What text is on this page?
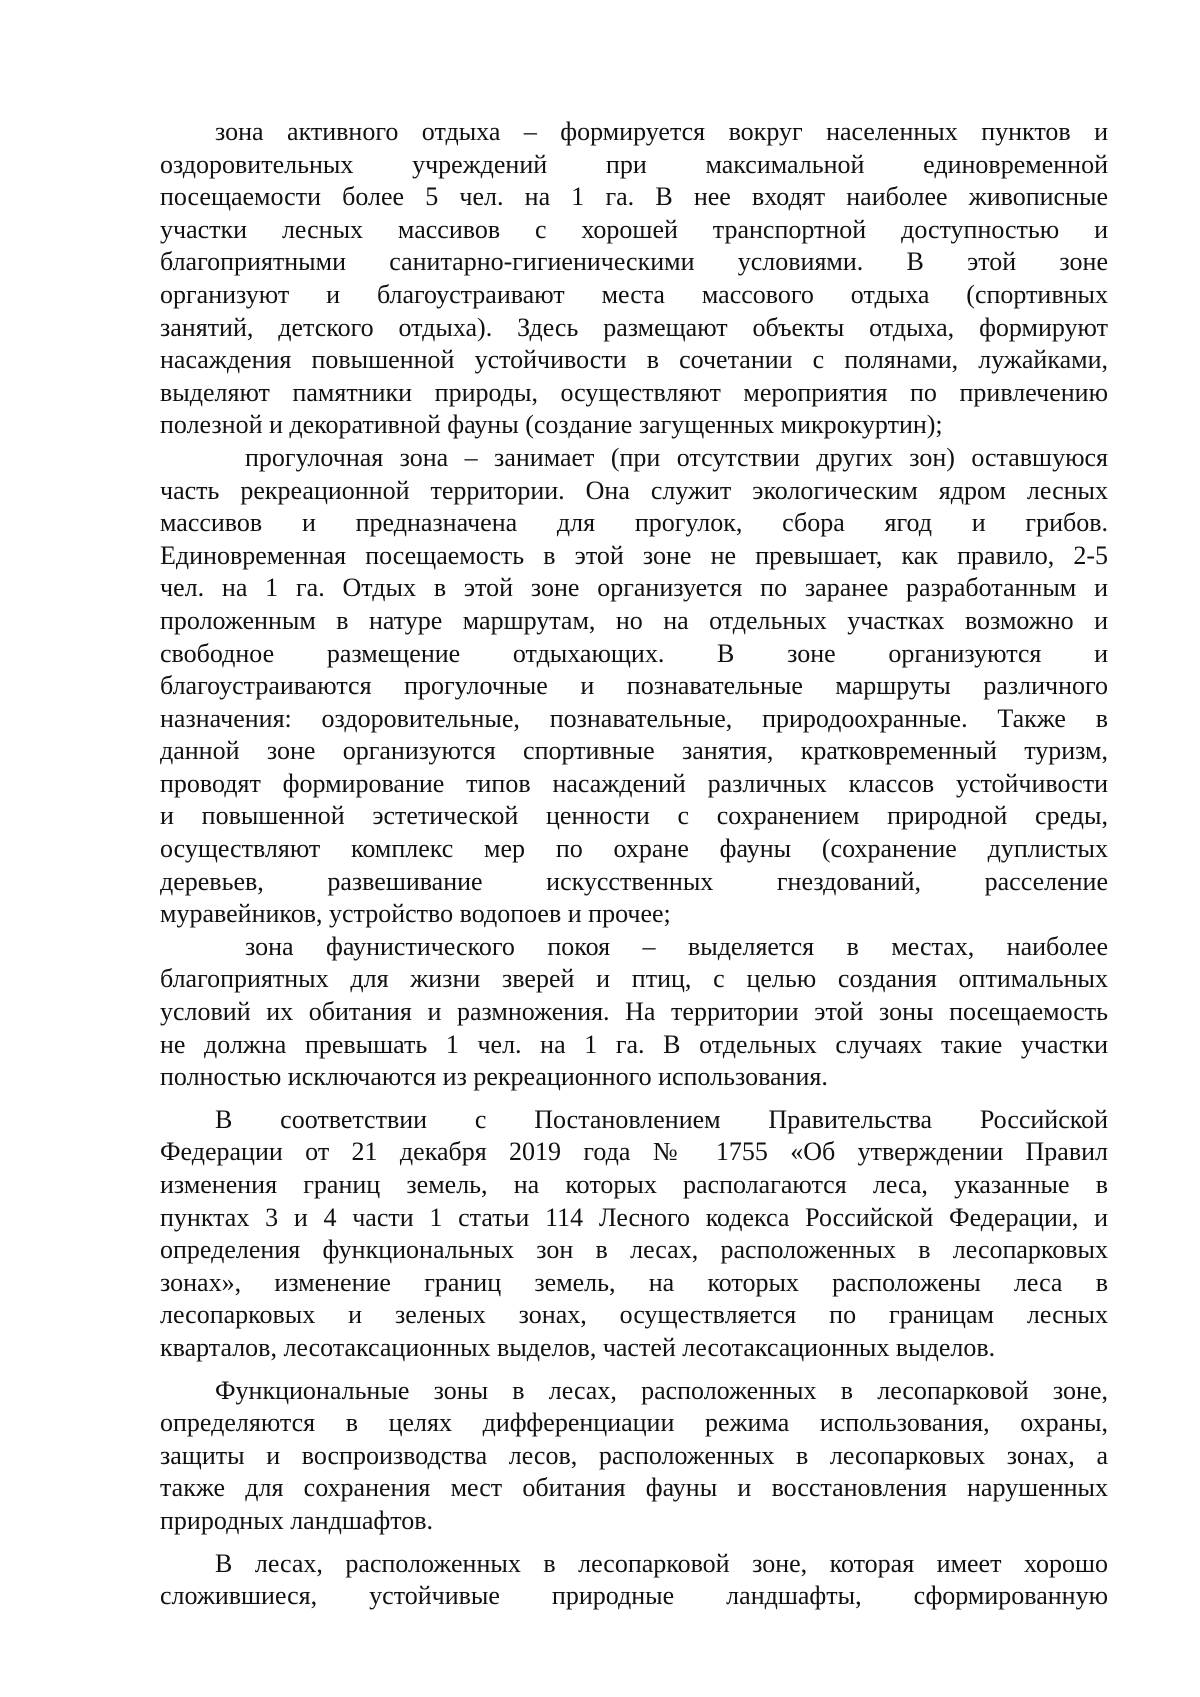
зона активного отдыха – формируется вокруг населенных пунктов и
оздоровительных учреждений при максимальной единовременной
посещаемости более 5 чел. на 1 га. В нее входят наиболее живописные
участки лесных массивов с хорошей транспортной доступностью и
благоприятными санитарно-гигиеническими условиями. В этой зоне
организуют и благоустраивают места массового отдыха (спортивных
занятий, детского отдыха). Здесь размещают объекты отдыха, формируют
насаждения повышенной устойчивости в сочетании с полянами, лужайками,
выделяют памятники природы, осуществляют мероприятия по привлечению
полезной и декоративной фауны (создание загущенных микрокуртин);

прогулочная зона – занимает (при отсутствии других зон) оставшуюся
часть рекреационной территории. Она служит экологическим ядром лесных
массивов и предназначена для прогулок, сбора ягод и грибов.
Единовременная посещаемость в этой зоне не превышает, как правило, 2-5
чел. на 1 га. Отдых в этой зоне организуется по заранее разработанным и
проложенным в натуре маршрутам, но на отдельных участках возможно и
свободное размещение отдыхающих. В зоне организуются и
благоустраиваются прогулочные и познавательные маршруты различного
назначения: оздоровительные, познавательные, природоохранные. Также в
данной зоне организуются спортивные занятия, кратковременный туризм,
проводят формирование типов насаждений различных классов устойчивости
и повышенной эстетической ценности с сохранением природной среды,
осуществляют комплекс мер по охране фауны (сохранение дуплистых
деревьев, развешивание искусственных гнездований, расселение
муравейников, устройство водопоев и прочее;

зона фаунистического покоя – выделяется в местах, наиболее
благоприятных для жизни зверей и птиц, с целью создания оптимальных
условий их обитания и размножения. На территории этой зоны посещаемость
не должна превышать 1 чел. на 1 га. В отдельных случаях такие участки
полностью исключаются из рекреационного использования.

В соответствии с Постановлением Правительства Российской
Федерации от 21 декабря 2019 года № 1755 «Об утверждении Правил
изменения границ земель, на которых располагаются леса, указанные в
пунктах 3 и 4 части 1 статьи 114 Лесного кодекса Российской Федерации, и
определения функциональных зон в лесах, расположенных в лесопарковых
зонах», изменение границ земель, на которых расположены леса в
лесопарковых и зеленых зонах, осуществляется по границам лесных
кварталов, лесотаксационных выделов, частей лесотаксационных выделов.

Функциональные зоны в лесах, расположенных в лесопарковой зоне,
определяются в целях дифференциации режима использования, охраны,
защиты и воспроизводства лесов, расположенных в лесопарковых зонах, а
также для сохранения мест обитания фауны и восстановления нарушенных
природных ландшафтов.

В лесах, расположенных в лесопарковой зоне, которая имеет хорошо
сложившиеся, устойчивые природные ландшафты, сформированную
